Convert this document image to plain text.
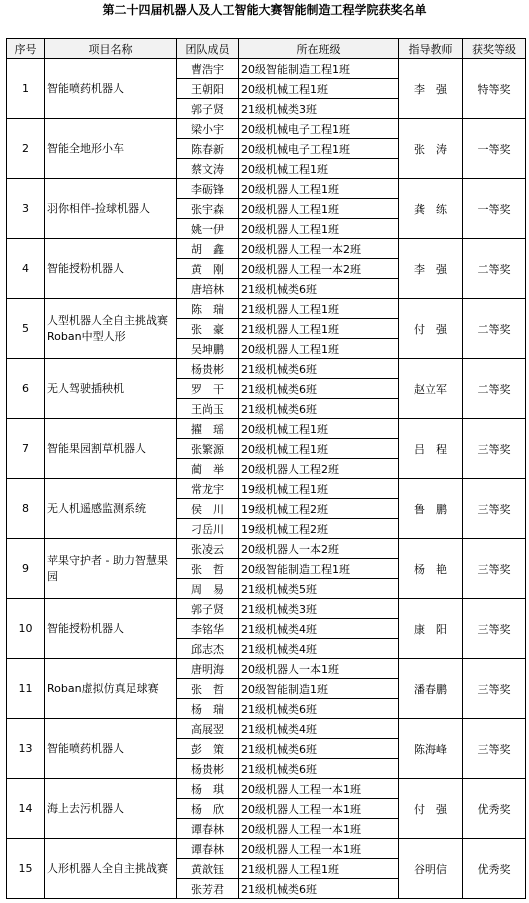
第二十四届机器人及人工智能大赛智能制造工程学院获奖名单
序号	项目名称	团队成员	所在班级	指导教师	获奖等级
1	智能喷药机器人	曹浩宇	20级智能制造工程1班	李　强	特等奖
		王朝阳	20级机械工程1班		
		郭子贤	21级机械类3班		
2	智能全地形小车	梁小宇	20级机械电子工程1班	张　涛	一等奖
		陈春新	20级机械电子工程1班		
		蔡文涛	20级机械工程1班		
3	羽你相伴-捡球机器人	李砺锋	20级机器人工程1班	龚　练	一等奖
		张宇森	20级机器人工程1班		
		姚一伊	20级机器人工程1班		
4	智能授粉机器人	胡　鑫	20级机器人工程一本2班	李　强	二等奖
		黄　刚	20级机器人工程一本2班		
		唐培林	21级机械类6班		
5	人型机器人全自主挑战赛Roban中型人形	陈　瑞	21级机器人工程1班	付　强	二等奖
		张　豪	21级机器人工程1班		
		吴坤鹏	20级机器人工程1班		
6	无人驾驶插秧机	杨贵彬	21级机械类6班	赵立军	二等奖
		罗　干	21级机械类6班		
		王尚玉	21级机械类6班		
7	智能果园割草机器人	擢　瑶	20级机械工程1班	吕　程	三等奖
		张繁源	20级机械工程1班		
		蔺　举	20级机器人工程2班		
8	无人机遥感监测系统	常龙宇	19级机械工程1班	鲁　鹏	三等奖
		侯　川	19级机械工程2班		
		刁岳川	19级机械工程2班		
9	苹果守护者 - 助力智慧果园	张凌云	20级机器人一本2班	杨　艳	三等奖
		张　哲	20级智能制造工程1班		
		周　易	21级机械类5班		
10	智能授粉机器人	郭子贤	21级机械类3班	康　阳	三等奖
		李铭华	21级机械类4班		
		邱志杰	21级机械类4班		
11	Roban虚拟仿真足球赛	唐明海	20级机器人一本1班	潘春鹏	三等奖
		张　哲	20级智能制造1班		
		杨　瑞	21级机械类6班		
13	智能喷药机器人	高展翌	21级机械类4班	陈海峰	三等奖
		彭　策	21级机械类6班		
		杨贵彬	21级机械类6班		
14	海上去污机器人	杨　琪	20级机器人工程一本1班	付　强	优秀奖
		杨　欣	20级机器人工程一本1班		
		谭春林	20级机器人工程一本1班		
15	人形机器人全自主挑战赛	谭春林	20级机器人工程一本1班	谷明信	优秀奖
		黄歆钰	21级机器人工程1班		
		张芳君	21级机械类6班		
